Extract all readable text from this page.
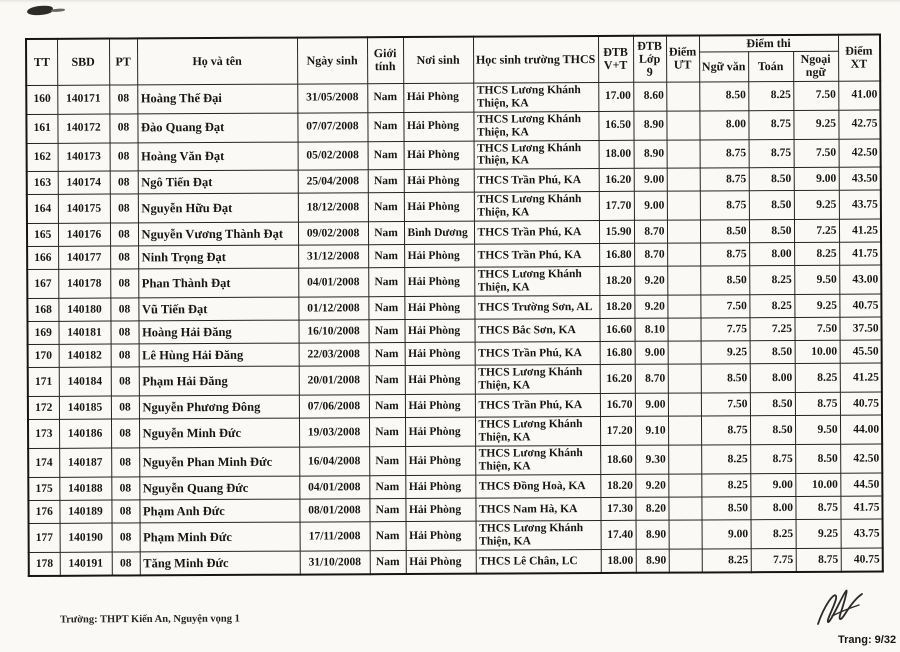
TT	SBD	PT	Họ và tên	Ngày sinh	Giới tính	Nơi sinh	Học sinh trường THCS	ĐTB V+T	ĐTB Lớp 9	Điểm ƯT	Điểm thi			Điểm XT
											Ngữ văn	Toán	Ngoại ngữ	
160	140171	08	Hoàng Thế Đại	31/05/2008	Nam	Hải Phòng	THCS Lương Khánh Thiện, KA	17.00	8.60		8.50	8.25	7.50	41.00
161	140172	08	Đào Quang Đạt	07/07/2008	Nam	Hải Phòng	THCS Lương Khánh Thiện, KA	16.50	8.90		8.00	8.75	9.25	42.75
162	140173	08	Hoàng Văn Đạt	05/02/2008	Nam	Hải Phòng	THCS Lương Khánh Thiện, KA	18.00	8.90		8.75	8.75	7.50	42.50
163	140174	08	Ngô Tiến Đạt	25/04/2008	Nam	Hải Phòng	THCS Trần Phú, KA	16.20	9.00		8.75	8.50	9.00	43.50
164	140175	08	Nguyễn Hữu Đạt	18/12/2008	Nam	Hải Phòng	THCS Lương Khánh Thiện, KA	17.70	9.00		8.75	8.50	9.25	43.75
165	140176	08	Nguyễn Vương Thành Đạt	09/02/2008	Nam	Bình Dương	THCS Trần Phú, KA	15.90	8.70		8.50	8.50	7.25	41.25
166	140177	08	Ninh Trọng Đạt	31/12/2008	Nam	Hải Phòng	THCS Trần Phú, KA	16.80	8.70		8.75	8.00	8.25	41.75
167	140178	08	Phan Thành Đạt	04/01/2008	Nam	Hải Phòng	THCS Lương Khánh Thiện, KA	18.20	9.20		8.50	8.25	9.50	43.00
168	140180	08	Vũ Tiến Đạt	01/12/2008	Nam	Hải Phòng	THCS Trường Sơn, AL	18.20	9.20		7.50	8.25	9.25	40.75
169	140181	08	Hoàng Hải Đăng	16/10/2008	Nam	Hải Phòng	THCS Bắc Sơn, KA	16.60	8.10		7.75	7.25	7.50	37.50
170	140182	08	Lê Hùng Hải Đăng	22/03/2008	Nam	Hải Phòng	THCS Trần Phú, KA	16.80	9.00		9.25	8.50	10.00	45.50
171	140184	08	Phạm Hải Đăng	20/01/2008	Nam	Hải Phòng	THCS Lương Khánh Thiện, KA	16.20	8.70		8.50	8.00	8.25	41.25
172	140185	08	Nguyễn Phương Đông	07/06/2008	Nam	Hải Phòng	THCS Trần Phú, KA	16.70	9.00		7.50	8.50	8.75	40.75
173	140186	08	Nguyễn Minh Đức	19/03/2008	Nam	Hải Phòng	THCS Lương Khánh Thiện, KA	17.20	9.10		8.75	8.50	9.50	44.00
174	140187	08	Nguyễn Phan Minh Đức	16/04/2008	Nam	Hải Phòng	THCS Lương Khánh Thiện, KA	18.60	9.30		8.25	8.75	8.50	42.50
175	140188	08	Nguyễn Quang Đức	04/01/2008	Nam	Hải Phòng	THCS Đồng Hoà, KA	18.20	9.20		8.25	9.00	10.00	44.50
176	140189	08	Phạm Anh Đức	08/01/2008	Nam	Hải Phòng	THCS Nam Hà, KA	17.30	8.20		8.50	8.00	8.75	41.75
177	140190	08	Phạm Minh Đức	17/11/2008	Nam	Hải Phòng	THCS Lương Khánh Thiện, KA	17.40	8.90		9.00	8.25	9.25	43.75
178	140191	08	Tăng Minh Đức	31/10/2008	Nam	Hải Phòng	THCS Lê Chân, LC	18.00	8.90		8.25	7.75	8.75	40.75
Trường: THPT Kiến An, Nguyện vọng 1
Trang: 9/32
